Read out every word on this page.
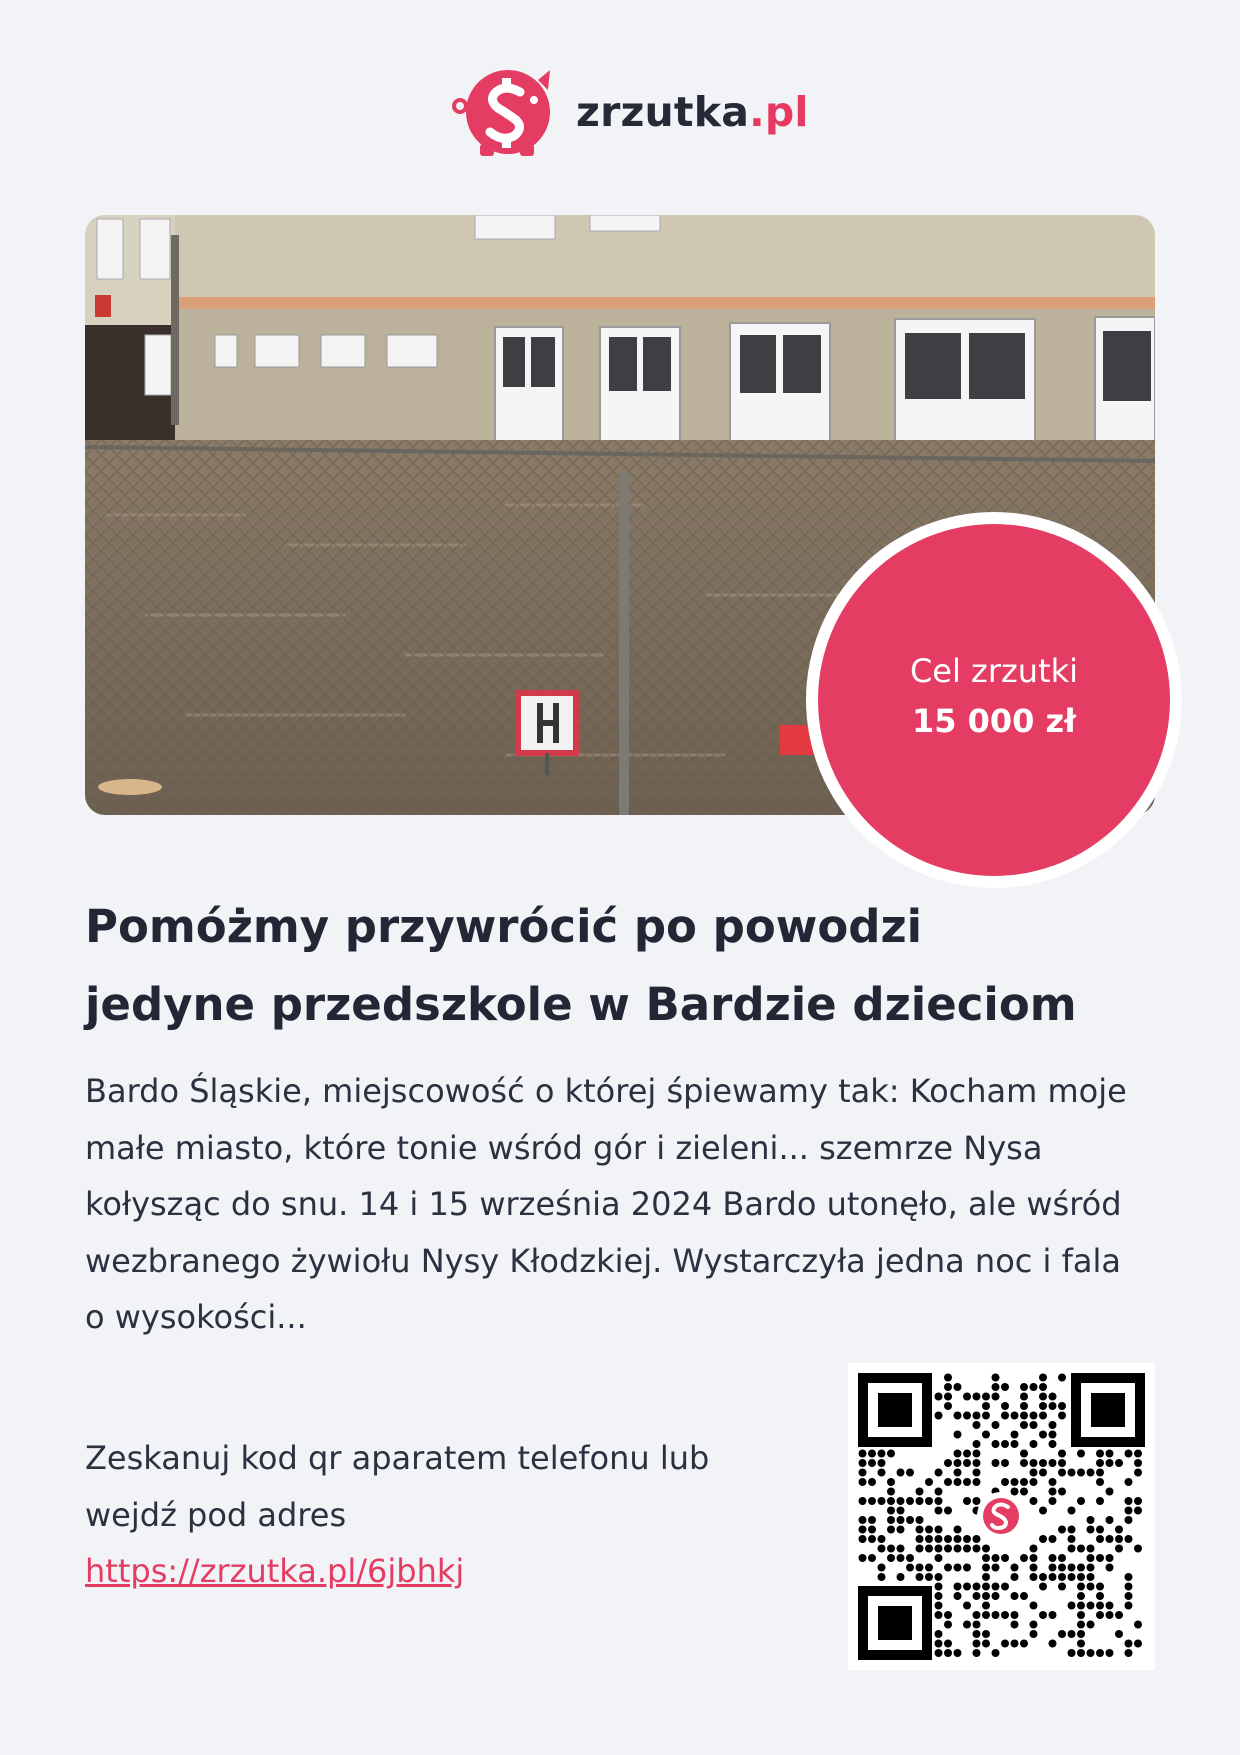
zrzutka.pl
Cel zrzutki
15 000 zł
Pomóżmy przywrócić po powodzi jedyne przedszkole w Bardzie dzieciom

Bardo Śląskie, miejscowość o której śpiewamy tak: Kocham moje małe miasto, które tonie wśród gór i zieleni... szemrze Nysa kołysząc do snu. 14 i 15 września 2024 Bardo utonęło, ale wśród wezbranego żywiołu Nysy Kłodzkiej. Wystarczyła jedna noc i fala o wysokości...

Zeskanuj kod qr aparatem telefonu lub

wejdź pod adres

https://zrzutka.pl/6jbhkj
